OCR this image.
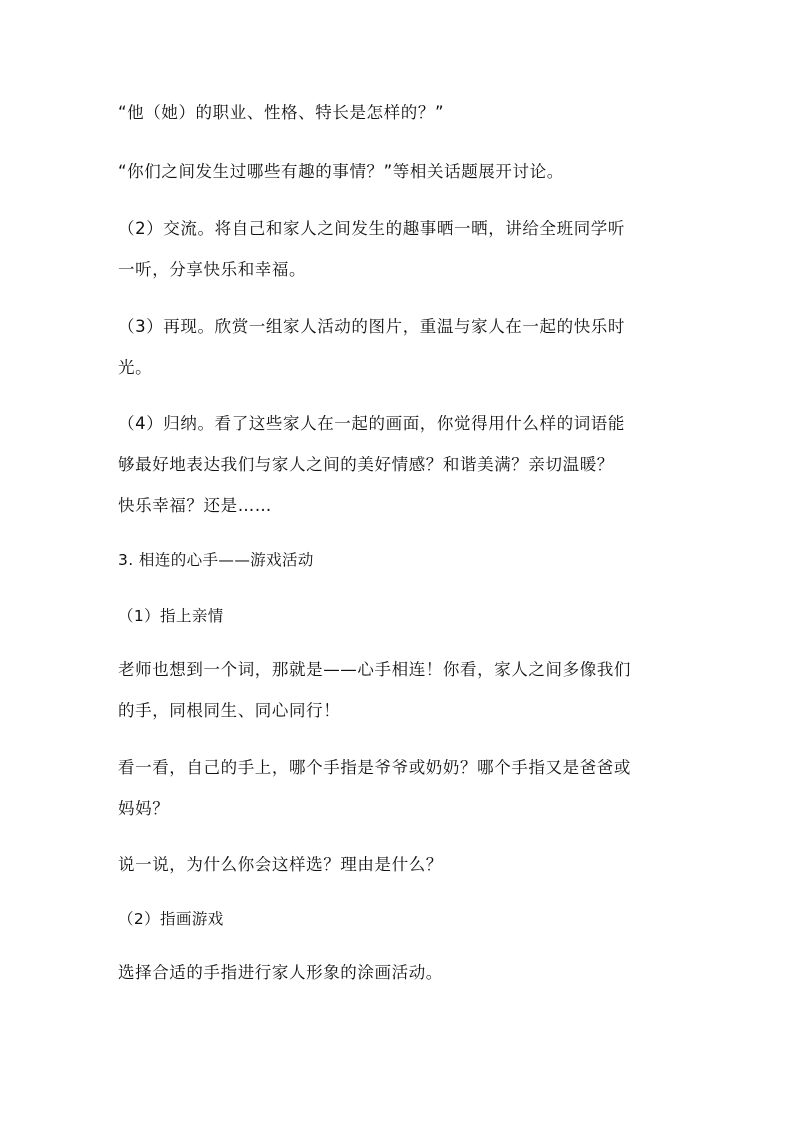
“他（她）的职业、性格、特长是怎样的？”
“你们之间发生过哪些有趣的事情？”等相关话题展开讨论。
（2）交流。将自己和家人之间发生的趣事晒一晒，讲给全班同学听
一听，分享快乐和幸福。
（3）再现。欣赏一组家人活动的图片，重温与家人在一起的快乐时
光。
（4）归纳。看了这些家人在一起的画面，你觉得用什么样的词语能
够最好地表达我们与家人之间的美好情感？和谐美满？亲切温暖？
快乐幸福？还是……
3. 相连的心手——游戏活动
（1）指上亲情
老师也想到一个词，那就是——心手相连！你看，家人之间多像我们
的手，同根同生、同心同行！
看一看，自己的手上，哪个手指是爷爷或奶奶？哪个手指又是爸爸或
妈妈？
说一说，为什么你会这样选？理由是什么？
（2）指画游戏
选择合适的手指进行家人形象的涂画活动。
